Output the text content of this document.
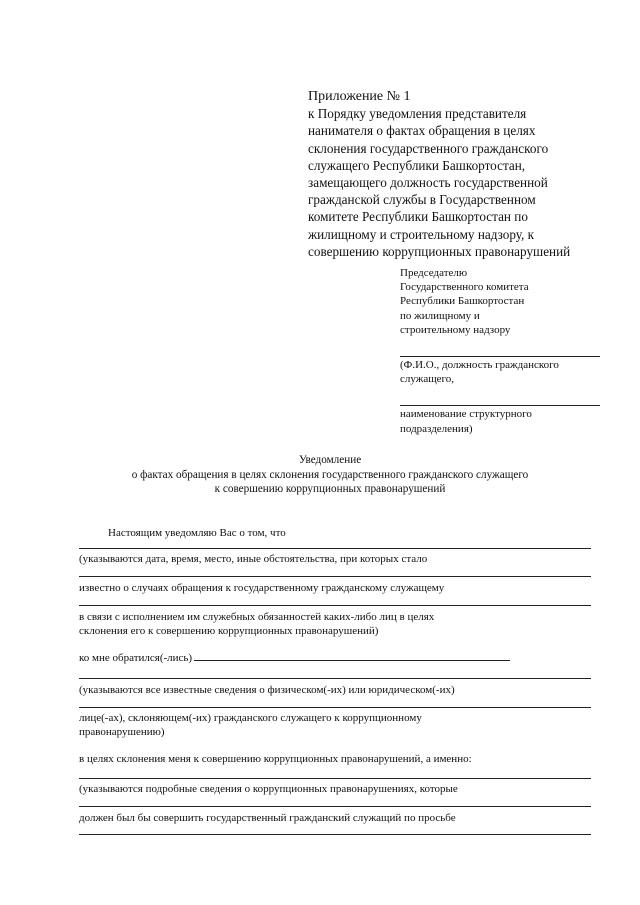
Приложение № 1
к Порядку уведомления представителя
нанимателя о фактах обращения в целях
склонения государственного гражданского
служащего Республики Башкортостан,
замещающего должность государственной
гражданской службы в Государственном
комитете Республики Башкортостан по
жилищному и строительному надзору, к
совершению коррупционных правонарушений
Председателю
Государственного комитета
Республики Башкортостан
по жилищному и
строительному надзору
(Ф.И.О., должность гражданского
служащего,
наименование структурного
подразделения)
Уведомление
о фактах обращения в целях склонения государственного гражданского служащего
к совершению коррупционных правонарушений
Настоящим уведомляю Вас о том, что
(указываются дата, время, место, иные обстоятельства, при которых стало
известно о случаях обращения к государственному гражданскому служащему
в связи с исполнением им служебных обязанностей каких-либо лиц в целях
склонения его к совершению коррупционных правонарушений)
ко мне обратился(-лись)
(указываются все известные сведения о физическом(-их) или юридическом(-их)
лице(-ах), склоняющем(-их) гражданского служащего к коррупционному
правонарушению)
в целях склонения меня к совершению коррупционных правонарушений, а именно:
(указываются подробные сведения о коррупционных правонарушениях, которые
должен был бы совершить государственный гражданский служащий по просьбе
